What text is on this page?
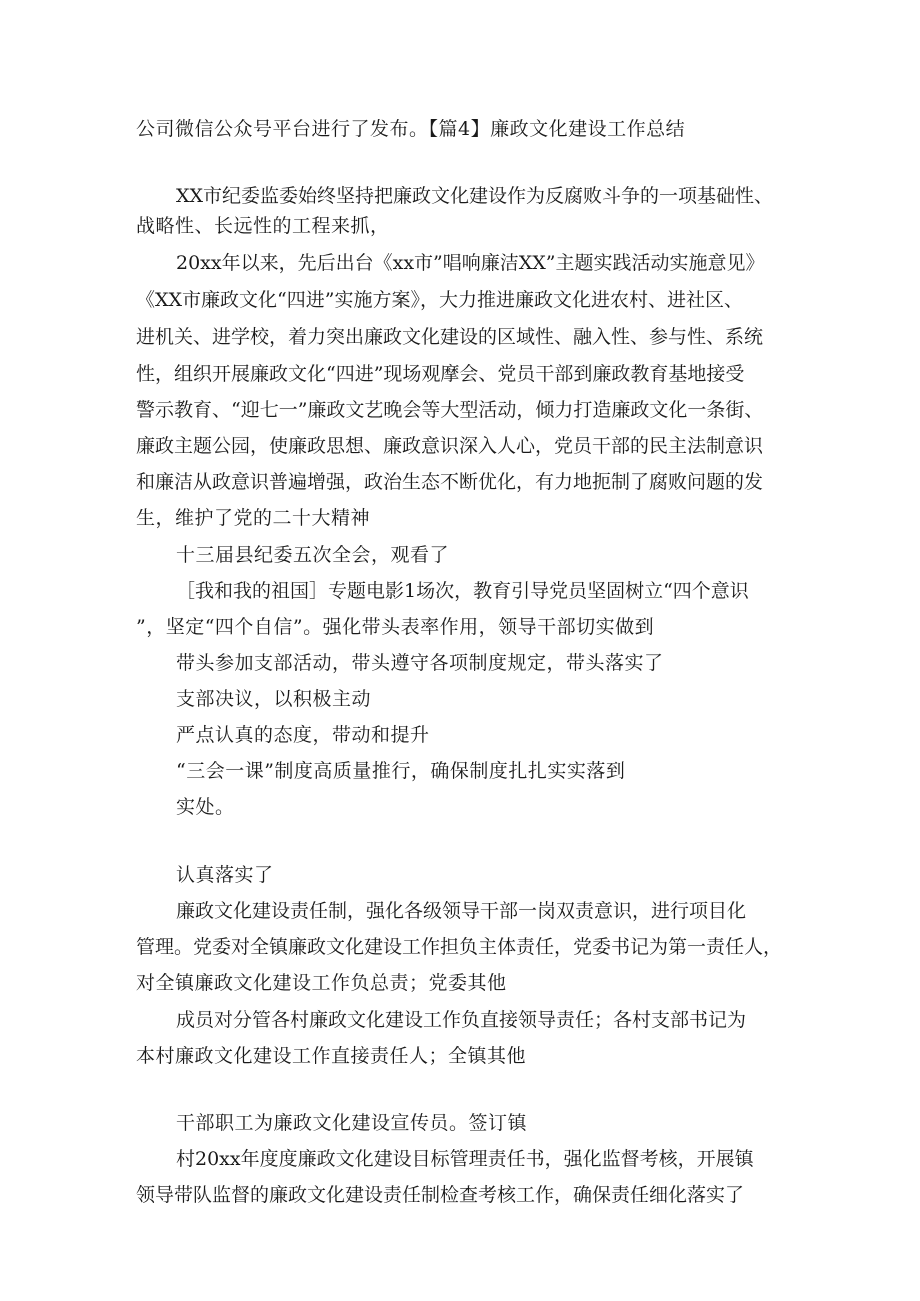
公司微信公众号平台进行了发布。【篇4】廉政文化建设工作总结
XX市纪委监委始终坚持把廉政文化建设作为反腐败斗争的一项基础性、
战略性、长远性的工程来抓，
20xx年以来，先后出台《xx市”唱响廉洁XX”主题实践活动实施意见》
《XX市廉政文化“四进”实施方案》，大力推进廉政文化进农村、进社区、
进机关、进学校，着力突出廉政文化建设的区域性、融入性、参与性、系统
性，组织开展廉政文化“四进”现场观摩会、党员干部到廉政教育基地接受
警示教育、“迎七一”廉政文艺晚会等大型活动，倾力打造廉政文化一条街、
廉政主题公园，使廉政思想、廉政意识深入人心，党员干部的民主法制意识
和廉洁从政意识普遍增强，政治生态不断优化，有力地扼制了腐败问题的发
生，维护了党的二十大精神
十三届县纪委五次全会，观看了
［我和我的祖国］专题电影1场次，教育引导党员坚固树立“四个意识
”，坚定“四个自信”。强化带头表率作用，领导干部切实做到
带头参加支部活动，带头遵守各项制度规定，带头落实了
支部决议，以积极主动
严点认真的态度，带动和提升
“三会一课”制度高质量推行，确保制度扎扎实实落到
实处。
认真落实了
廉政文化建设责任制，强化各级领导干部一岗双责意识，进行项目化
管理。党委对全镇廉政文化建设工作担负主体责任，党委书记为第一责任人，
对全镇廉政文化建设工作负总责；党委其他
成员对分管各村廉政文化建设工作负直接领导责任；各村支部书记为
本村廉政文化建设工作直接责任人；全镇其他
干部职工为廉政文化建设宣传员。签订镇
村20xx年度度廉政文化建设目标管理责任书，强化监督考核，开展镇
领导带队监督的廉政文化建设责任制检查考核工作，确保责任细化落实了
